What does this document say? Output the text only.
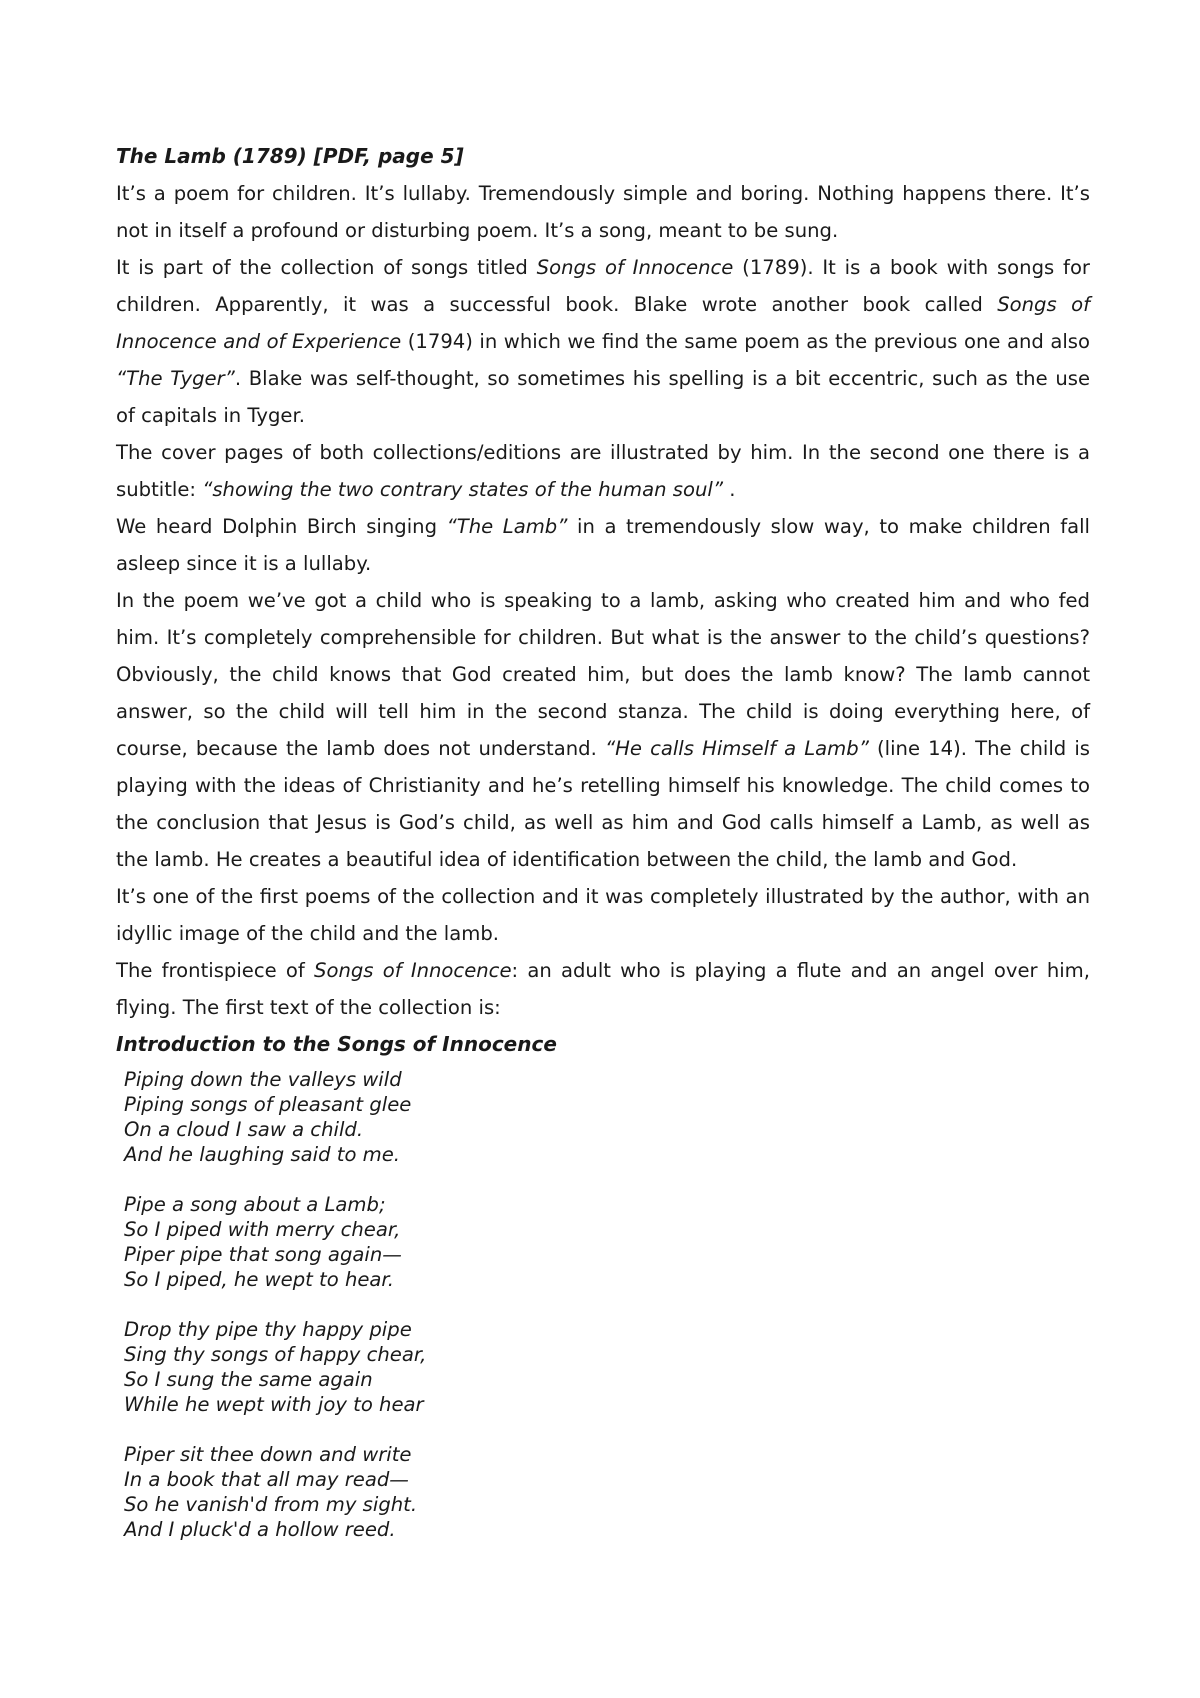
The Lamb (1789) [PDF, page 5]

It’s a poem for children. It’s lullaby. Tremendously simple and boring. Nothing happens there. It’s not in itself a profound or disturbing poem. It’s a song, meant to be sung.

It is part of the collection of songs titled Songs of Innocence (1789). It is a book with songs for children. Apparently, it was a successful book. Blake wrote another book called Songs of Innocence and of Experience (1794) in which we find the same poem as the previous one and also “The Tyger”. Blake was self-thought, so sometimes his spelling is a bit eccentric, such as the use of capitals in Tyger.

The cover pages of both collections/editions are illustrated by him. In the second one there is a subtitle: “showing the two contrary states of the human soul” .

We heard Dolphin Birch singing “The Lamb” in a tremendously slow way, to make children fall asleep since it is a lullaby.

In the poem we’ve got a child who is speaking to a lamb, asking who created him and who fed him. It’s completely comprehensible for children. But what is the answer to the child’s questions? Obviously, the child knows that God created him, but does the lamb know? The lamb cannot answer, so the child will tell him in the second stanza. The child is doing everything here, of course, because the lamb does not understand. “He calls Himself a Lamb” (line 14). The child is playing with the ideas of Christianity and he’s retelling himself his knowledge. The child comes to the conclusion that Jesus is God’s child, as well as him and God calls himself a Lamb, as well as the lamb. He creates a beautiful idea of identification between the child, the lamb and God.

It’s one of the first poems of the collection and it was completely illustrated by the author, with an idyllic image of the child and the lamb.

The frontispiece of Songs of Innocence: an adult who is playing a flute and an angel over him, flying. The first text of the collection is:

Introduction to the Songs of Innocence

Piping down the valleys wild
Piping songs of pleasant glee
On a cloud I saw a child.
And he laughing said to me.
Pipe a song about a Lamb;
So I piped with merry chear,
Piper pipe that song again—
So I piped, he wept to hear.
Drop thy pipe thy happy pipe
Sing thy songs of happy chear,
So I sung the same again
While he wept with joy to hear
Piper sit thee down and write
In a book that all may read—
So he vanish'd from my sight.
And I pluck'd a hollow reed.
